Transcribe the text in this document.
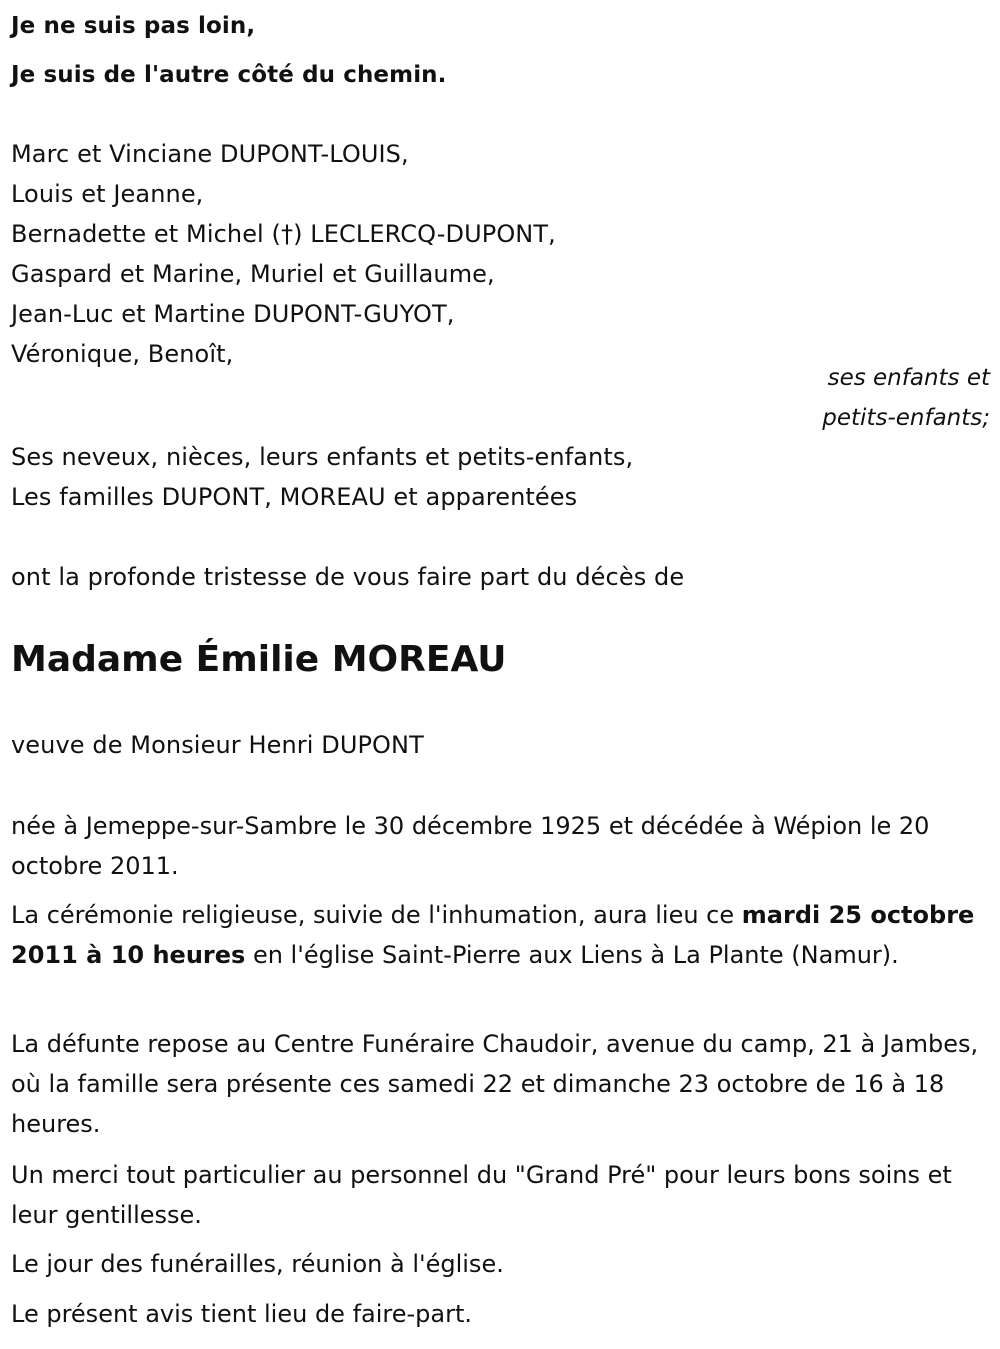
Je ne suis pas loin,

Je suis de l'autre côté du chemin.

Marc et Vinciane DUPONT-LOUIS,

Louis et Jeanne,

Bernadette et Michel (†) LECLERCQ-DUPONT,

Gaspard et Marine, Muriel et Guillaume,

Jean-Luc et Martine DUPONT-GUYOT,

Véronique, Benoît,

ses enfants et

petits-enfants;

Ses neveux, nièces, leurs enfants et petits-enfants,

Les familles DUPONT, MOREAU et apparentées

ont la profonde tristesse de vous faire part du décès de

Madame Émilie MOREAU

veuve de Monsieur Henri DUPONT

née à Jemeppe-sur-Sambre le 30 décembre 1925 et décédée à Wépion le 20 octobre 2011.

La cérémonie religieuse, suivie de l'inhumation, aura lieu ce mardi 25 octobre 2011 à 10 heures en l'église Saint-Pierre aux Liens à La Plante (Namur).

La défunte repose au Centre Funéraire Chaudoir, avenue du camp, 21 à Jambes, où la famille sera présente ces samedi 22 et dimanche 23 octobre de 16 à 18 heures.

Un merci tout particulier au personnel du "Grand Pré" pour leurs bons soins et leur gentillesse.

Le jour des funérailles, réunion à l'église.

Le présent avis tient lieu de faire-part.
